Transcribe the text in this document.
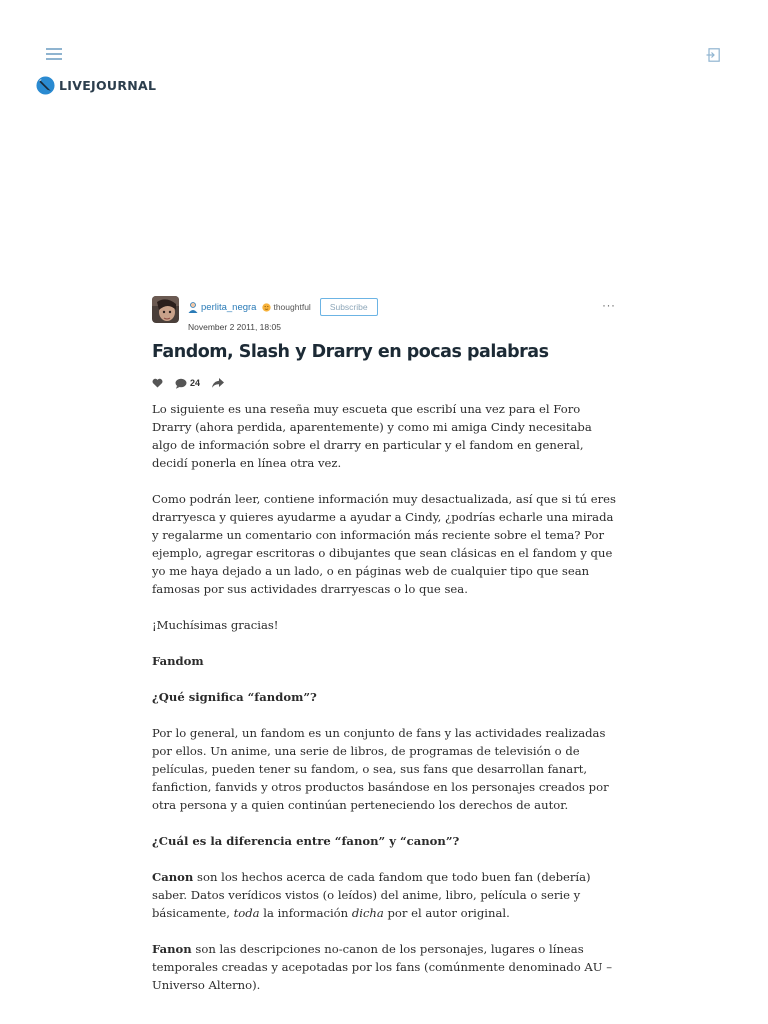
LIVEJOURNAL
perlita_negra thoughtful	Subscribe
November 2 2011, 18:05
···
Fandom, Slash y Drarry en pocas palabras
24

Lo siguiente es una reseña muy escueta que escribí una vez para el Foro Drarry (ahora perdida, aparentemente) y como mi amiga Cindy necesitaba algo de información sobre el drarry en particular y el fandom en general, decidí ponerla en línea otra vez.

Como podrán leer, contiene información muy desactualizada, así que si tú eres drarryesca y quieres ayudarme a ayudar a Cindy, ¿podrías echarle una mirada y regalarme un comentario con información más reciente sobre el tema? Por ejemplo, agregar escritoras o dibujantes que sean clásicas en el fandom y que yo me haya dejado a un lado, o en páginas web de cualquier tipo que sean famosas por sus actividades drarryescas o lo que sea.

¡Muchísimas gracias!

Fandom

¿Qué significa “fandom”?

Por lo general, un fandom es un conjunto de fans y las actividades realizadas por ellos. Un anime, una serie de libros, de programas de televisión o de películas, pueden tener su fandom, o sea, sus fans que desarrollan fanart, fanfiction, fanvids y otros productos basándose en los personajes creados por otra persona y a quien continúan perteneciendo los derechos de autor.

¿Cuál es la diferencia entre “fanon” y “canon”?

Canon son los hechos acerca de cada fandom que todo buen fan (debería) saber. Datos verídicos vistos (o leídos) del anime, libro, película o serie y básicamente, toda la información dicha por el autor original.

Fanon son las descripciones no-canon de los personajes, lugares o líneas temporales creadas y acepotadas por los fans (comúnmente denominado AU –Universo Alterno).
